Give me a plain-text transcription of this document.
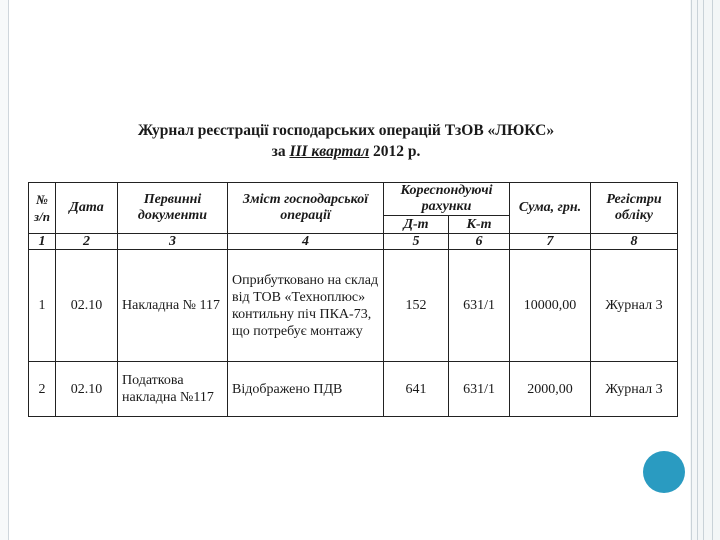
Журнал реєстрації господарських операцій ТзОВ «ЛЮКС»
за ІІІ квартал 2012 р.
№ з/п	Дата	Первинні документи	Зміст господарської операції	Кореспондуючі рахунки		Сума, грн.	Регістри обліку
				Д-т	К-т		
1	2	3	4	5	6	7	8
1	02.10	Накладна № 117	Оприбутковано на склад від ТОВ «Техноплюс» контильну піч ПКА-73, що потребує монтажу	152	631/1	10000,00	Журнал 3
2	02.10	Податкова накладна №117	Відображено ПДВ	641	631/1	2000,00	Журнал 3
